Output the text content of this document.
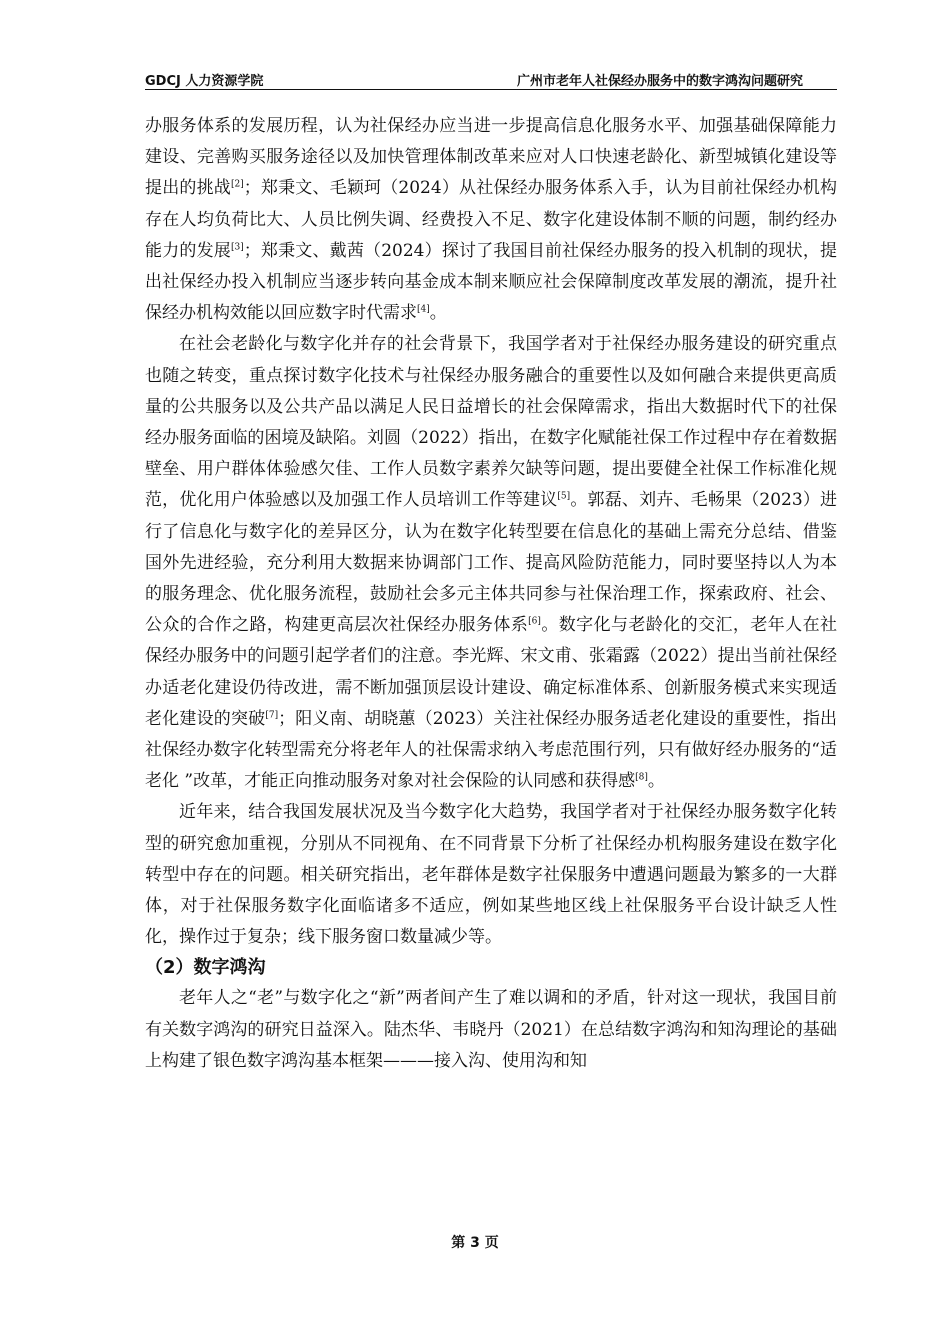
GDCJ 人力资源学院	广州市老年人社保经办服务中的数字鸿沟问题研究

办服务体系的发展历程，认为社保经办应当进一步提高信息化服务水平、加强基础保障能力建设、完善购买服务途径以及加快管理体制改革来应对人口快速老龄化、新型城镇化建设等提出的挑战[2]；郑秉文、毛颖珂（2024）从社保经办服务体系入手，认为目前社保经办机构存在人均负荷比大、人员比例失调、经费投入不足、数字化建设体制不顺的问题，制约经办能力的发展[3]；郑秉文、戴茜（2024）探讨了我国目前社保经办服务的投入机制的现状，提出社保经办投入机制应当逐步转向基金成本制来顺应社会保障制度改革发展的潮流，提升社保经办机构效能以回应数字时代需求[4]。

在社会老龄化与数字化并存的社会背景下，我国学者对于社保经办服务建设的研究重点也随之转变，重点探讨数字化技术与社保经办服务融合的重要性以及如何融合来提供更高质量的公共服务以及公共产品以满足人民日益增长的社会保障需求，指出大数据时代下的社保经办服务面临的困境及缺陷。刘圆（2022）指出，在数字化赋能社保工作过程中存在着数据壁垒、用户群体体验感欠佳、工作人员数字素养欠缺等问题，提出要健全社保工作标准化规范，优化用户体验感以及加强工作人员培训工作等建议[5]。郭磊、刘卉、毛畅果（2023）进行了信息化与数字化的差异区分，认为在数字化转型要在信息化的基础上需充分总结、借鉴国外先进经验，充分利用大数据来协调部门工作、提高风险防范能力，同时要坚持以人为本的服务理念、优化服务流程，鼓励社会多元主体共同参与社保治理工作，探索政府、社会、公众的合作之路，构建更高层次社保经办服务体系[6]。数字化与老龄化的交汇，老年人在社保经办服务中的问题引起学者们的注意。李光辉、宋文甫、张霜露（2022）提出当前社保经办适老化建设仍待改进，需不断加强顶层设计建设、确定标准体系、创新服务模式来实现适老化建设的突破[7]；阳义南、胡晓蕙（2023）关注社保经办服务适老化建设的重要性，指出社保经办数字化转型需充分将老年人的社保需求纳入考虑范围行列，只有做好经办服务的“适老化 ”改革，才能正向推动服务对象对社会保险的认同感和获得感[8]。

近年来，结合我国发展状况及当今数字化大趋势，我国学者对于社保经办服务数字化转型的研究愈加重视，分别从不同视角、在不同背景下分析了社保经办机构服务建设在数字化转型中存在的问题。相关研究指出，老年群体是数字社保服务中遭遇问题最为繁多的一大群体，对于社保服务数字化面临诸多不适应，例如某些地区线上社保服务平台设计缺乏人性化，操作过于复杂；线下服务窗口数量减少等。

（2）数字鸿沟

老年人之“老”与数字化之“新”两者间产生了难以调和的矛盾，针对这一现状，我国目前有关数字鸿沟的研究日益深入。陆杰华、韦晓丹（2021）在总结数字鸿沟和知沟理论的基础上构建了银色数字鸿沟基本框架———接入沟、使用沟和知

第 3 页
